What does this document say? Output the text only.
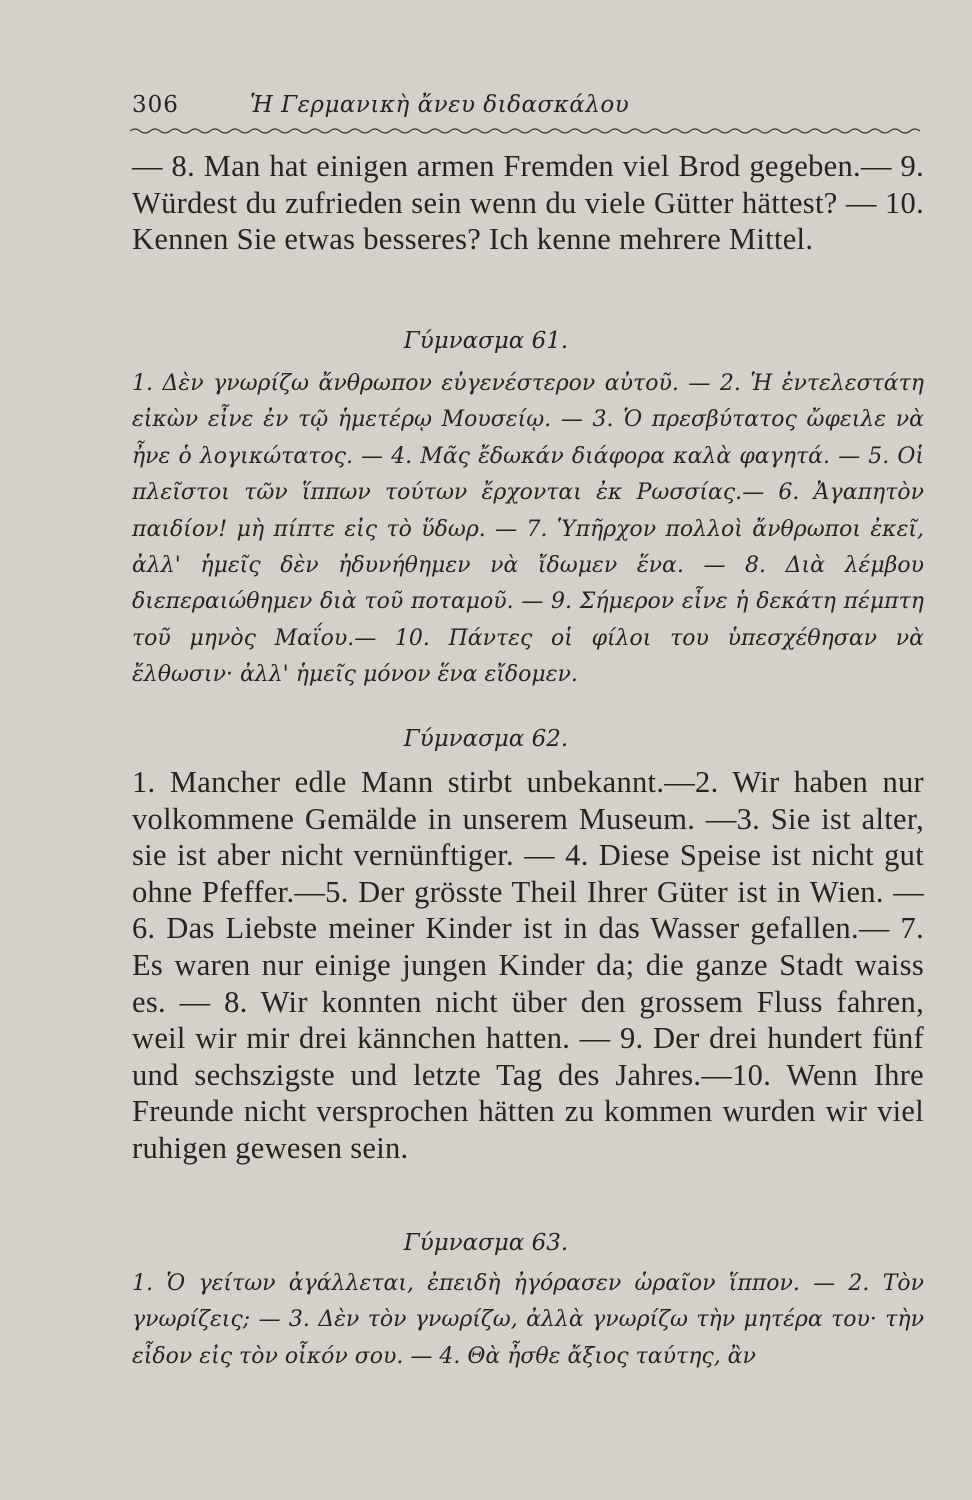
306	Ἡ Γερμανικὴ ἄνευ διδασκάλου

— 8. Man hat einigen armen Fremden viel Brod gegeben.— 9. Würdest du zufrieden sein wenn du viele Gütter hättest? — 10. Kennen Sie etwas besseres? Ich kenne mehrere Mittel.

Γύμνασμα 61.

1. Δὲν γνωρίζω ἄνθρωπον εὐγενέστερον αὐτοῦ. — 2. Ἡ ἐντελεστάτη εἰκὼν εἶνε ἐν τῷ ἡμετέρῳ Μουσείῳ. — 3. Ὁ πρεσβύτατος ὤφειλε νὰ ἦνε ὁ λογικώτατος. — 4. Μᾶς ἔδωκάν διάφορα καλὰ φαγητά. — 5. Οἱ πλεῖστοι τῶν ἵππων τούτων ἔρχονται ἐκ Ρωσσίας.— 6. Ἀγαπητὸν παιδίον! μὴ πίπτε εἰς τὸ ὕδωρ. — 7. Ὑπῆρχον πολλοὶ ἄνθρωποι ἐκεῖ, ἀλλ' ἡμεῖς δὲν ἠδυνήθημεν νὰ ἴδωμεν ἕνα. — 8. Διὰ λέμβου διεπεραιώθημεν διὰ τοῦ ποταμοῦ. — 9. Σήμερον εἶνε ἡ δεκάτη πέμπτη τοῦ μηνὸς Μαΐου.— 10. Πάντες οἱ φίλοι του ὑπεσχέθησαν νὰ ἔλθωσιν· ἀλλ' ἡμεῖς μόνον ἕνα εἴδομεν.

Γύμνασμα 62.

1. Mancher edle Mann stirbt unbekannt.—2. Wir haben nur volkommene Gemälde in unserem Museum. —3. Sie ist alter, sie ist aber nicht vernünftiger. — 4. Diese Speise ist nicht gut ohne Pfeffer.—5. Der grösste Theil Ihrer Güter ist in Wien. — 6. Das Liebste meiner Kinder ist in das Wasser gefallen.— 7. Es waren nur einige jungen Kinder da; die ganze Stadt waiss es. — 8. Wir konnten nicht über den grossem Fluss fahren, weil wir mir drei kännchen hatten. — 9. Der drei hundert fünf und sechszigste und letzte Tag des Jahres.—10. Wenn Ihre Freunde nicht versprochen hätten zu kommen wurden wir viel ruhigen gewesen sein.

Γύμνασμα 63.

1. Ὁ γείτων ἀγάλλεται, ἐπειδὴ ἠγόρασεν ὡραῖον ἵππον. — 2. Τὸν γνωρίζεις; — 3. Δὲν τὸν γνωρίζω, ἀλλὰ γνωρίζω τὴν μητέρα του· τὴν εἶδον εἰς τὸν οἶκόν σου. — 4. Θὰ ἦσθε ἄξιος ταύτης, ἂν
